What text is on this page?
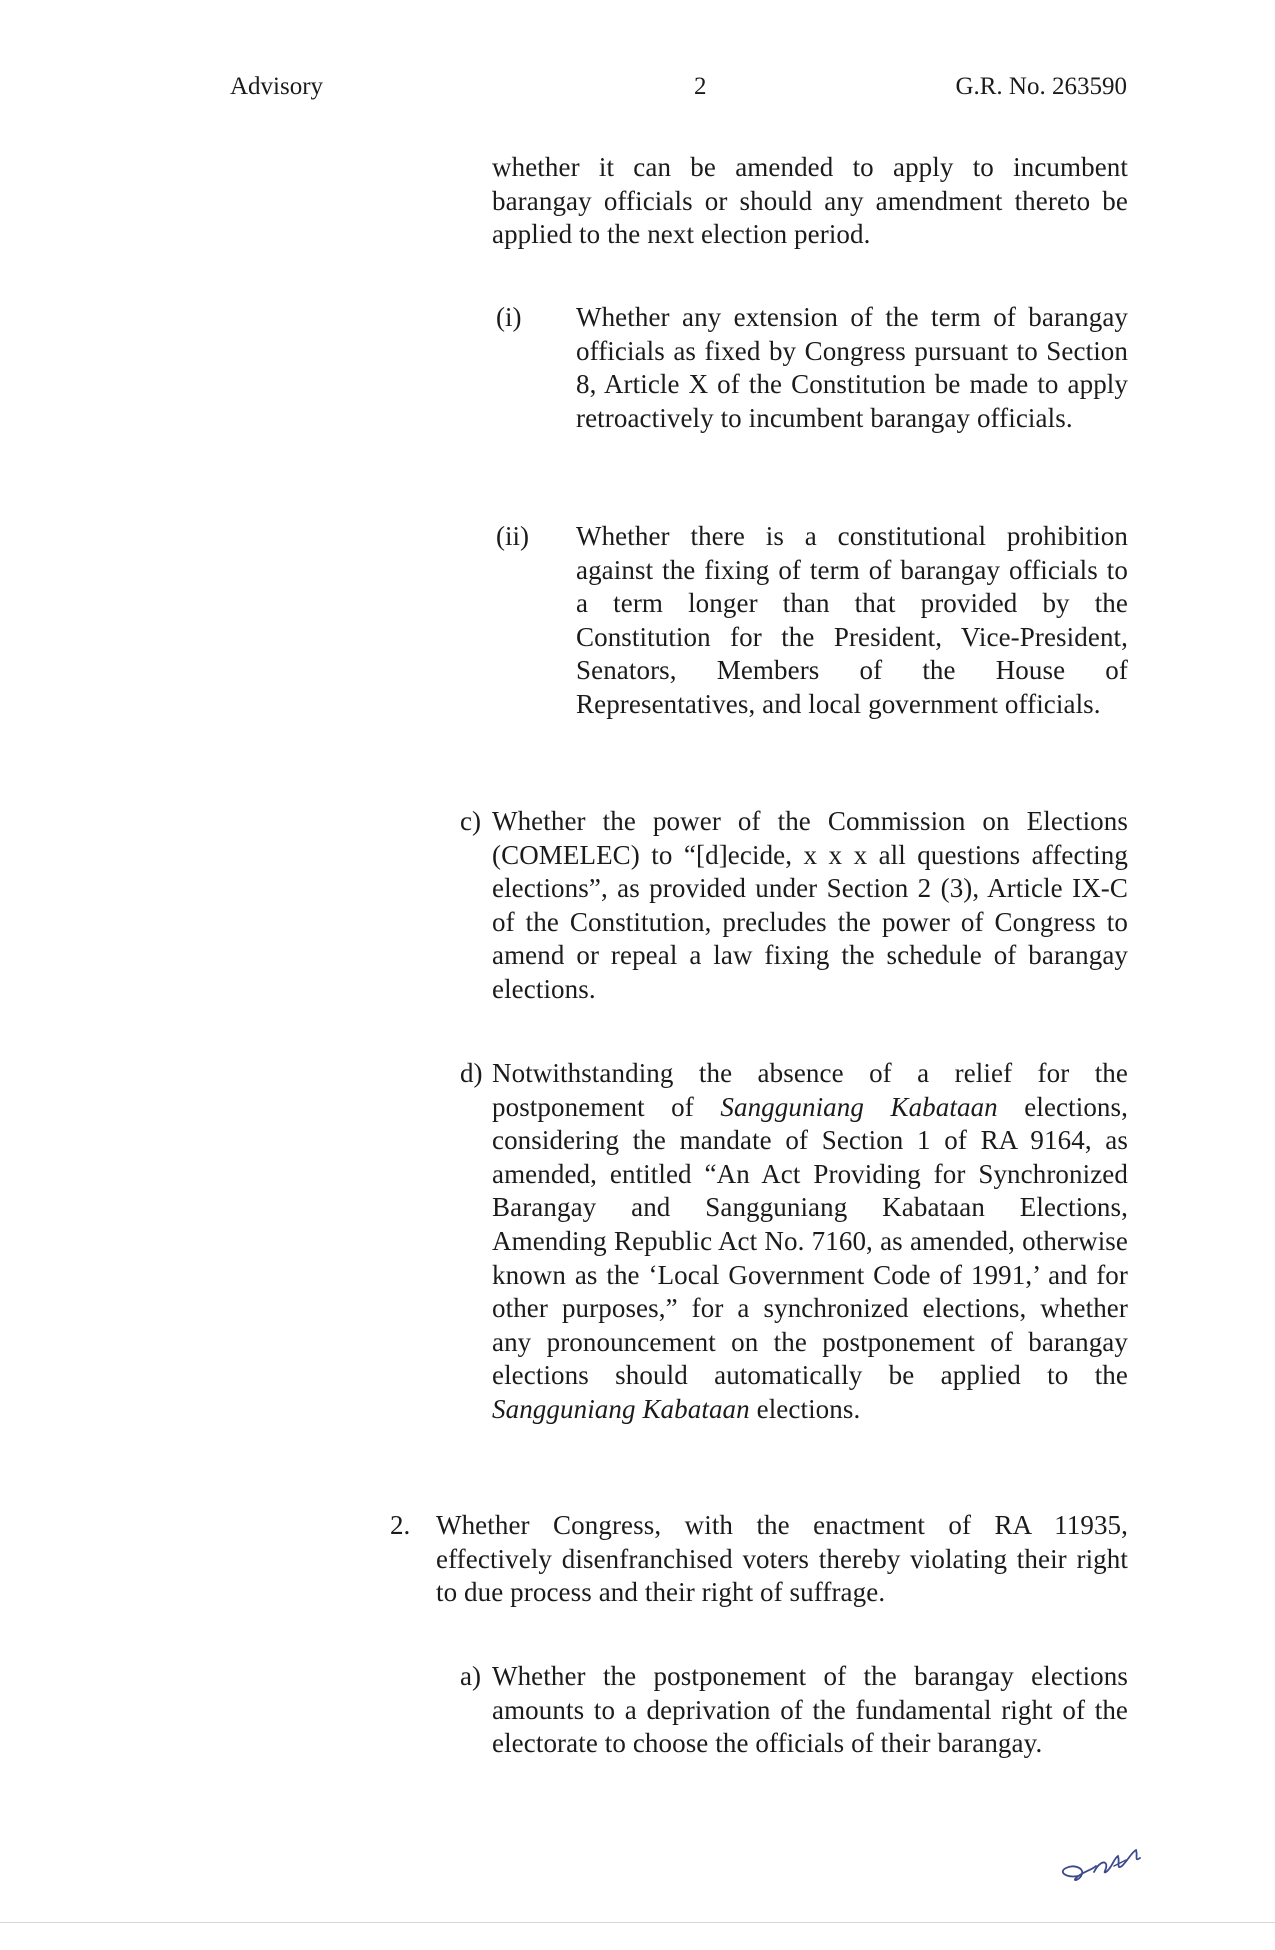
Advisory	2	G.R. No. 263590
whether it can be amended to apply to incumbent barangay officials or should any amendment thereto be applied to the next election period.
(i) Whether any extension of the term of barangay officials as fixed by Congress pursuant to Section 8, Article X of the Constitution be made to apply retroactively to incumbent barangay officials.
(ii) Whether there is a constitutional prohibition against the fixing of term of barangay officials to a term longer than that provided by the Constitution for the President, Vice-President, Senators, Members of the House of Representatives, and local government officials.
c) Whether the power of the Commission on Elections (COMELEC) to “[d]ecide, x x x all questions affecting elections”, as provided under Section 2 (3), Article IX-C of the Constitution, precludes the power of Congress to amend or repeal a law fixing the schedule of barangay elections.
d) Notwithstanding the absence of a relief for the postponement of Sangguniang Kabataan elections, considering the mandate of Section 1 of RA 9164, as amended, entitled “An Act Providing for Synchronized Barangay and Sangguniang Kabataan Elections, Amending Republic Act No. 7160, as amended, otherwise known as the ‘Local Government Code of 1991,’ and for other purposes,” for a synchronized elections, whether any pronouncement on the postponement of barangay elections should automatically be applied to the Sangguniang Kabataan elections.
2. Whether Congress, with the enactment of RA 11935, effectively disenfranchised voters thereby violating their right to due process and their right of suffrage.
a) Whether the postponement of the barangay elections amounts to a deprivation of the fundamental right of the electorate to choose the officials of their barangay.
